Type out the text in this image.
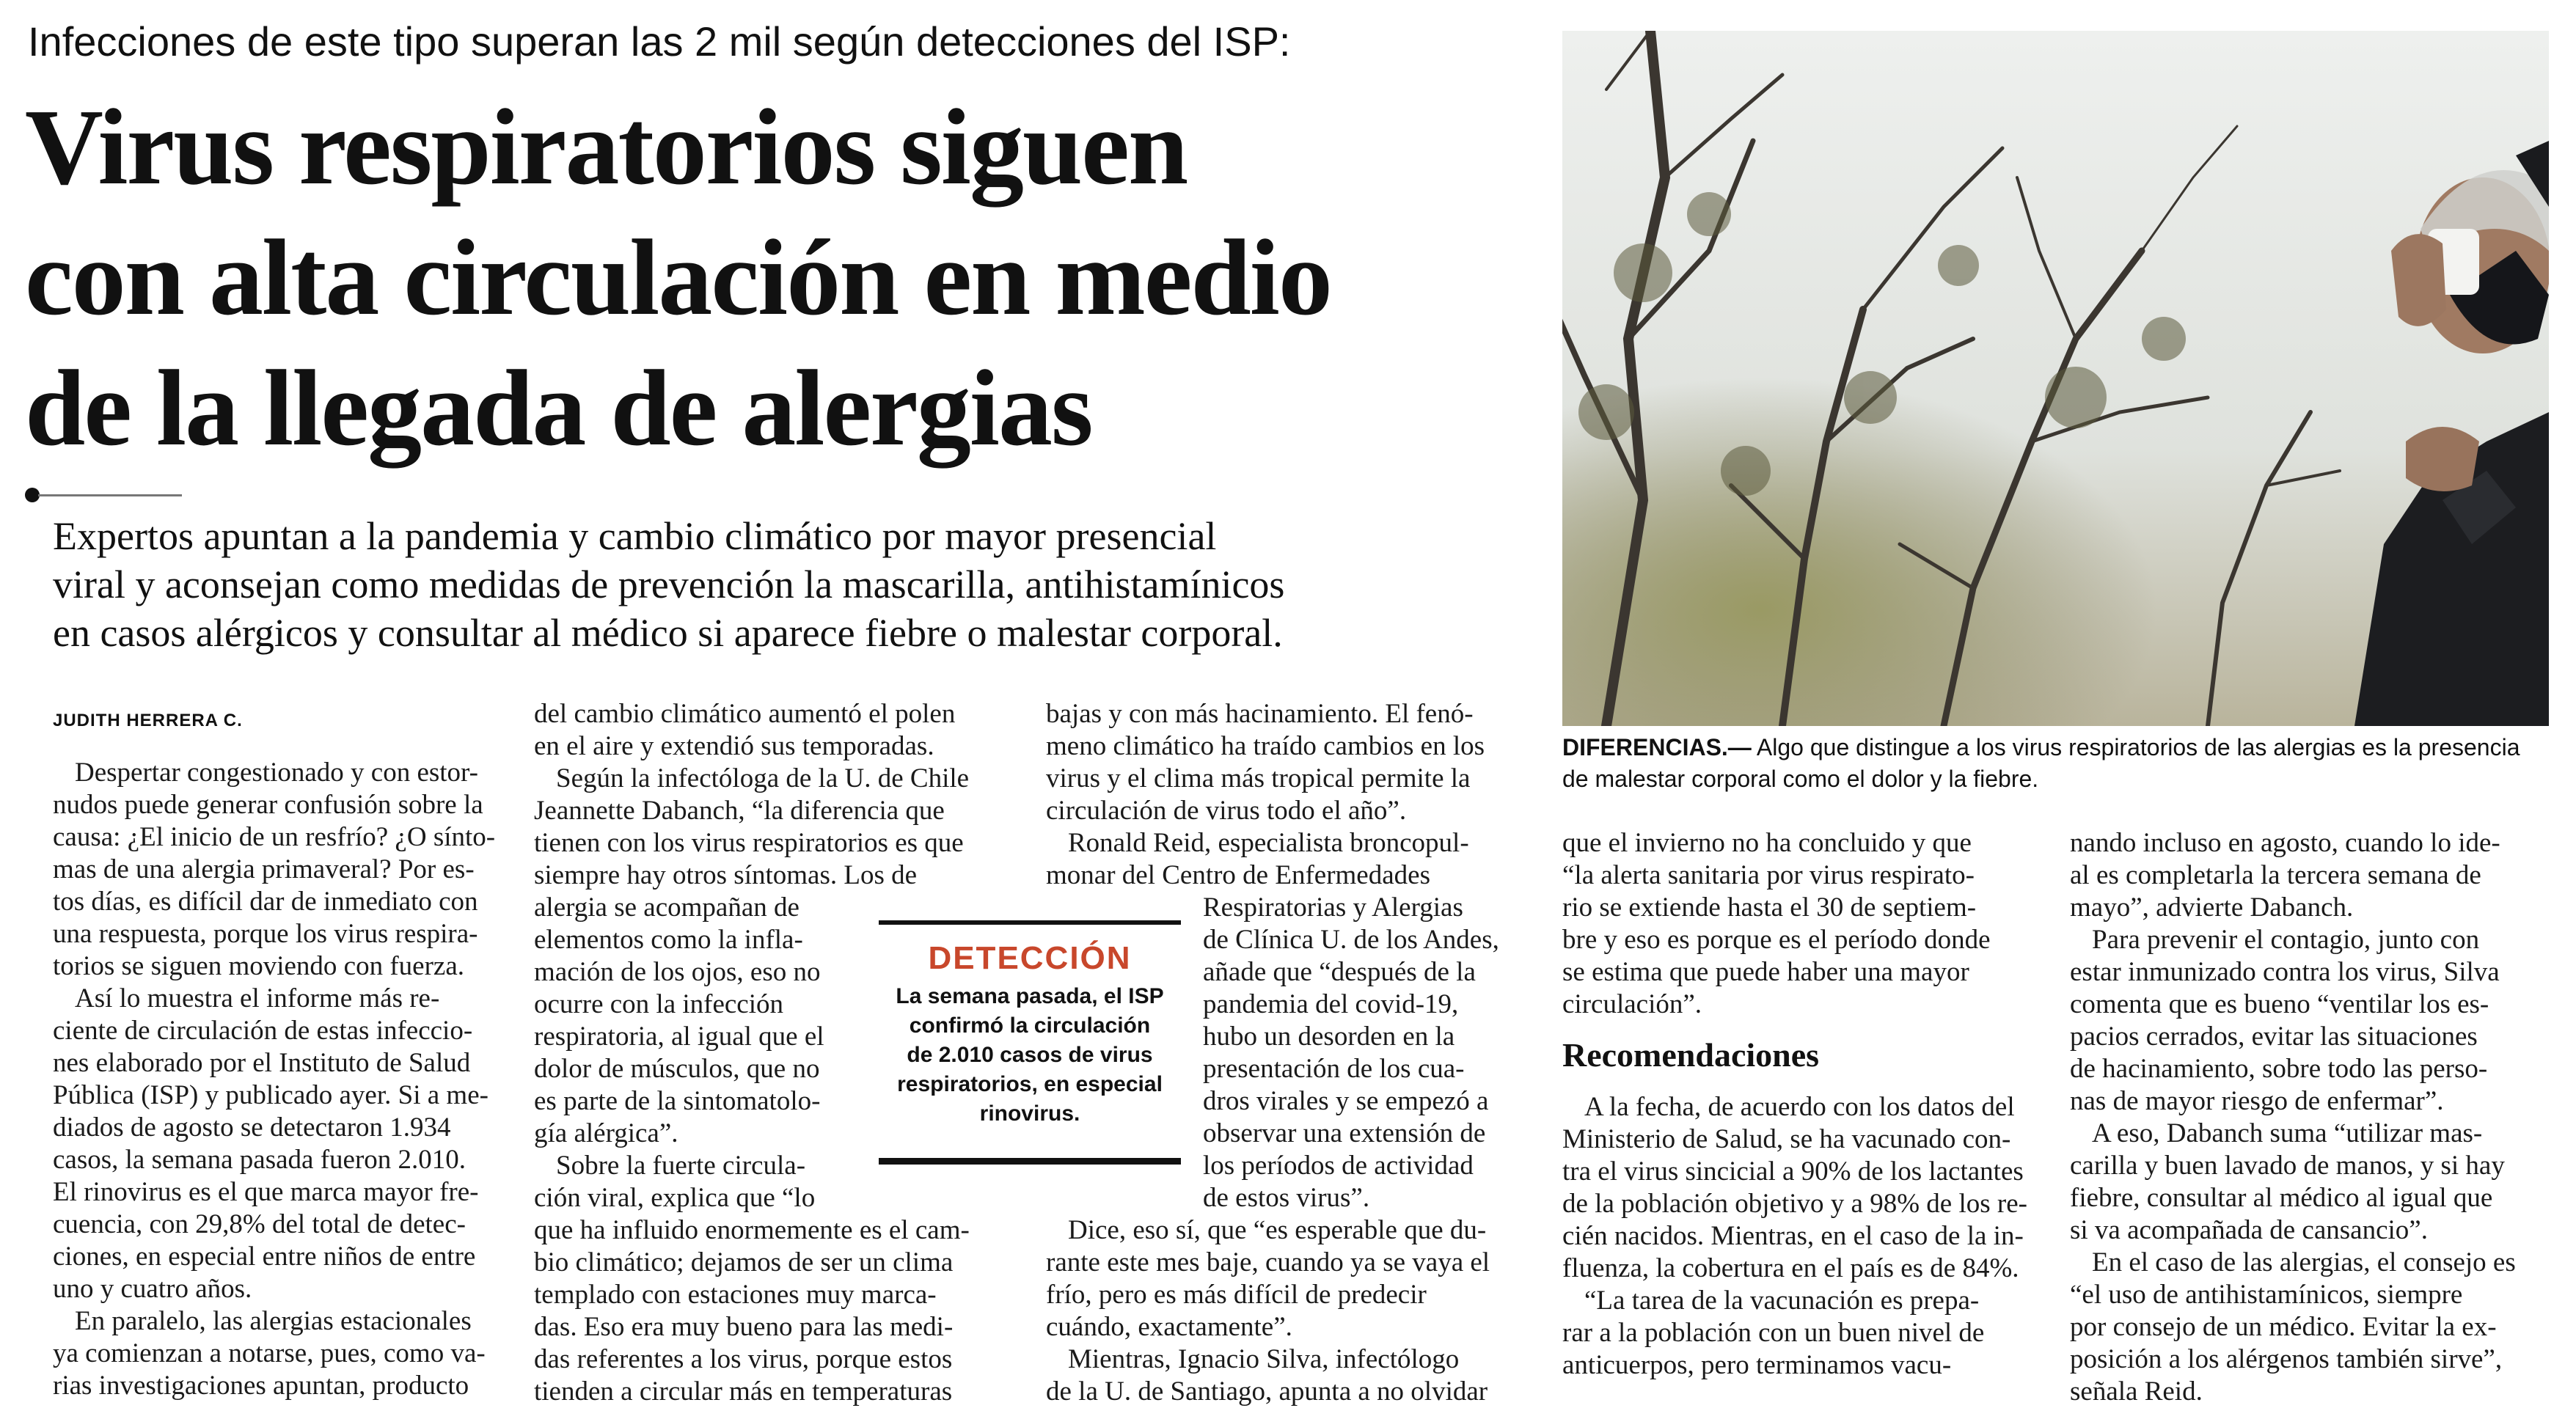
Infecciones de este tipo superan las 2 mil según detecciones del ISP:
Virus respiratorios siguen
con alta circulación en medio
de la llegada de alergias
Expertos apuntan a la pandemia y cambio climático por mayor presencial
viral y aconsejan como medidas de prevención la mascarilla, antihistamínicos
en casos alérgicos y consultar al médico si aparece fiebre o malestar corporal.
DIFERENCIAS.— Algo que distingue a los virus respiratorios de las alergias es la presencia
de malestar corporal como el dolor y la fiebre.
JUDITH HERRERA C.
Despertar congestionado y con estor-
nudos puede generar confusión sobre la
causa: ¿El inicio de un resfrío? ¿O sínto-
mas de una alergia primaveral? Por es-
tos días, es difícil dar de inmediato con
una respuesta, porque los virus respira-
torios se siguen moviendo con fuerza.
Así lo muestra el informe más re-
ciente de circulación de estas infeccio-
nes elaborado por el Instituto de Salud
Pública (ISP) y publicado ayer. Si a me-
diados de agosto se detectaron 1.934
casos, la semana pasada fueron 2.010.
El rinovirus es el que marca mayor fre-
cuencia, con 29,8% del total de detec-
ciones, en especial entre niños de entre
uno y cuatro años.
En paralelo, las alergias estacionales
ya comienzan a notarse, pues, como va-
rias investigaciones apuntan, producto
del cambio climático aumentó el polen
en el aire y extendió sus temporadas.
Según la infectóloga de la U. de Chile
Jeannette Dabanch, “la diferencia que
tienen con los virus respiratorios es que
siempre hay otros síntomas. Los de
alergia se acompañan de
elementos como la infla-
mación de los ojos, eso no
ocurre con la infección
respiratoria, al igual que el
dolor de músculos, que no
es parte de la sintomatolo-
gía alérgica”.
Sobre la fuerte circula-
ción viral, explica que “lo
que ha influido enormemente es el cam-
bio climático; dejamos de ser un clima
templado con estaciones muy marca-
das. Eso era muy bueno para las medi-
das referentes a los virus, porque estos
tienden a circular más en temperaturas
DETECCIÓN
La semana pasada, el ISP
confirmó la circulación
de 2.010 casos de virus
respiratorios, en especial
rinovirus.
bajas y con más hacinamiento. El fenó-
meno climático ha traído cambios en los
virus y el clima más tropical permite la
circulación de virus todo el año”.
Ronald Reid, especialista broncopul-
monar del Centro de Enfermedades
Respiratorias y Alergias
de Clínica U. de los Andes,
añade que “después de la
pandemia del covid-19,
hubo un desorden en la
presentación de los cua-
dros virales y se empezó a
observar una extensión de
los períodos de actividad
de estos virus”.
Dice, eso sí, que “es esperable que du-
rante este mes baje, cuando ya se vaya el
frío, pero es más difícil de predecir
cuándo, exactamente”.
Mientras, Ignacio Silva, infectólogo
de la U. de Santiago, apunta a no olvidar
que el invierno no ha concluido y que
“la alerta sanitaria por virus respirato-
rio se extiende hasta el 30 de septiem-
bre y eso es porque es el período donde
se estima que puede haber una mayor
circulación”.
Recomendaciones
A la fecha, de acuerdo con los datos del
Ministerio de Salud, se ha vacunado con-
tra el virus sincicial a 90% de los lactantes
de la población objetivo y a 98% de los re-
cién nacidos. Mientras, en el caso de la in-
fluenza, la cobertura en el país es de 84%.
“La tarea de la vacunación es prepa-
rar a la población con un buen nivel de
anticuerpos, pero terminamos vacu-
nando incluso en agosto, cuando lo ide-
al es completarla la tercera semana de
mayo”, advierte Dabanch.
Para prevenir el contagio, junto con
estar inmunizado contra los virus, Silva
comenta que es bueno “ventilar los es-
pacios cerrados, evitar las situaciones
de hacinamiento, sobre todo las perso-
nas de mayor riesgo de enfermar”.
A eso, Dabanch suma “utilizar mas-
carilla y buen lavado de manos, y si hay
fiebre, consultar al médico al igual que
si va acompañada de cansancio”.
En el caso de las alergias, el consejo es
“el uso de antihistamínicos, siempre
por consejo de un médico. Evitar la ex-
posición a los alérgenos también sirve”,
señala Reid.
